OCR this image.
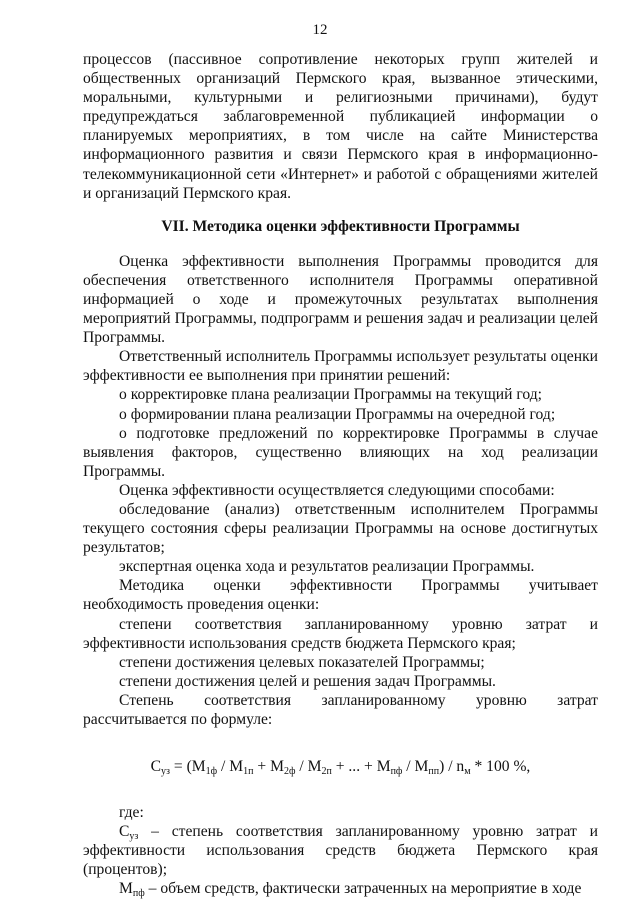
12

процессов (пассивное сопротивление некоторых групп жителей и общественных организаций Пермского края, вызванное этическими, моральными, культурными и религиозными причинами), будут предупреждаться заблаговременной публикацией информации о планируемых мероприятиях, в том числе на сайте Министерства информационного развития и связи Пермского края в информационно-телекоммуникационной сети «Интернет» и работой с обращениями жителей и организаций Пермского края.

VII. Методика оценки эффективности Программы

Оценка эффективности выполнения Программы проводится для обеспечения ответственного исполнителя Программы оперативной информацией о ходе и промежуточных результатах выполнения мероприятий Программы, подпрограмм и решения задач и реализации целей Программы.

Ответственный исполнитель Программы использует результаты оценки эффективности ее выполнения при принятии решений:

о корректировке плана реализации Программы на текущий год;

о формировании плана реализации Программы на очередной год;

о подготовке предложений по корректировке Программы в случае выявления факторов, существенно влияющих на ход реализации Программы.

Оценка эффективности осуществляется следующими способами:

обследование (анализ) ответственным исполнителем Программы текущего состояния сферы реализации Программы на основе достигнутых результатов;

экспертная оценка хода и результатов реализации Программы.

Методика оценки эффективности Программы учитывает необходимость проведения оценки:

степени соответствия запланированному уровню затрат и эффективности использования средств бюджета Пермского края;

степени достижения целевых показателей Программы;

степени достижения целей и решения задач Программы.

Степень соответствия запланированному уровню затрат рассчитывается по формуле:

$С_{уз} = (М_{1ф} / М_{1п} + М_{2ф} / М_{2п}$ + ... + $М_{пф} / М_{пп}) / n_м * 100$ %,

где:

$С_{уз}$ – степень соответствия запланированному уровню затрат и эффективности использования средств бюджета Пермского края (процентов);

$М_{пф}$ – объем средств, фактически затраченных на мероприятие в ходе
